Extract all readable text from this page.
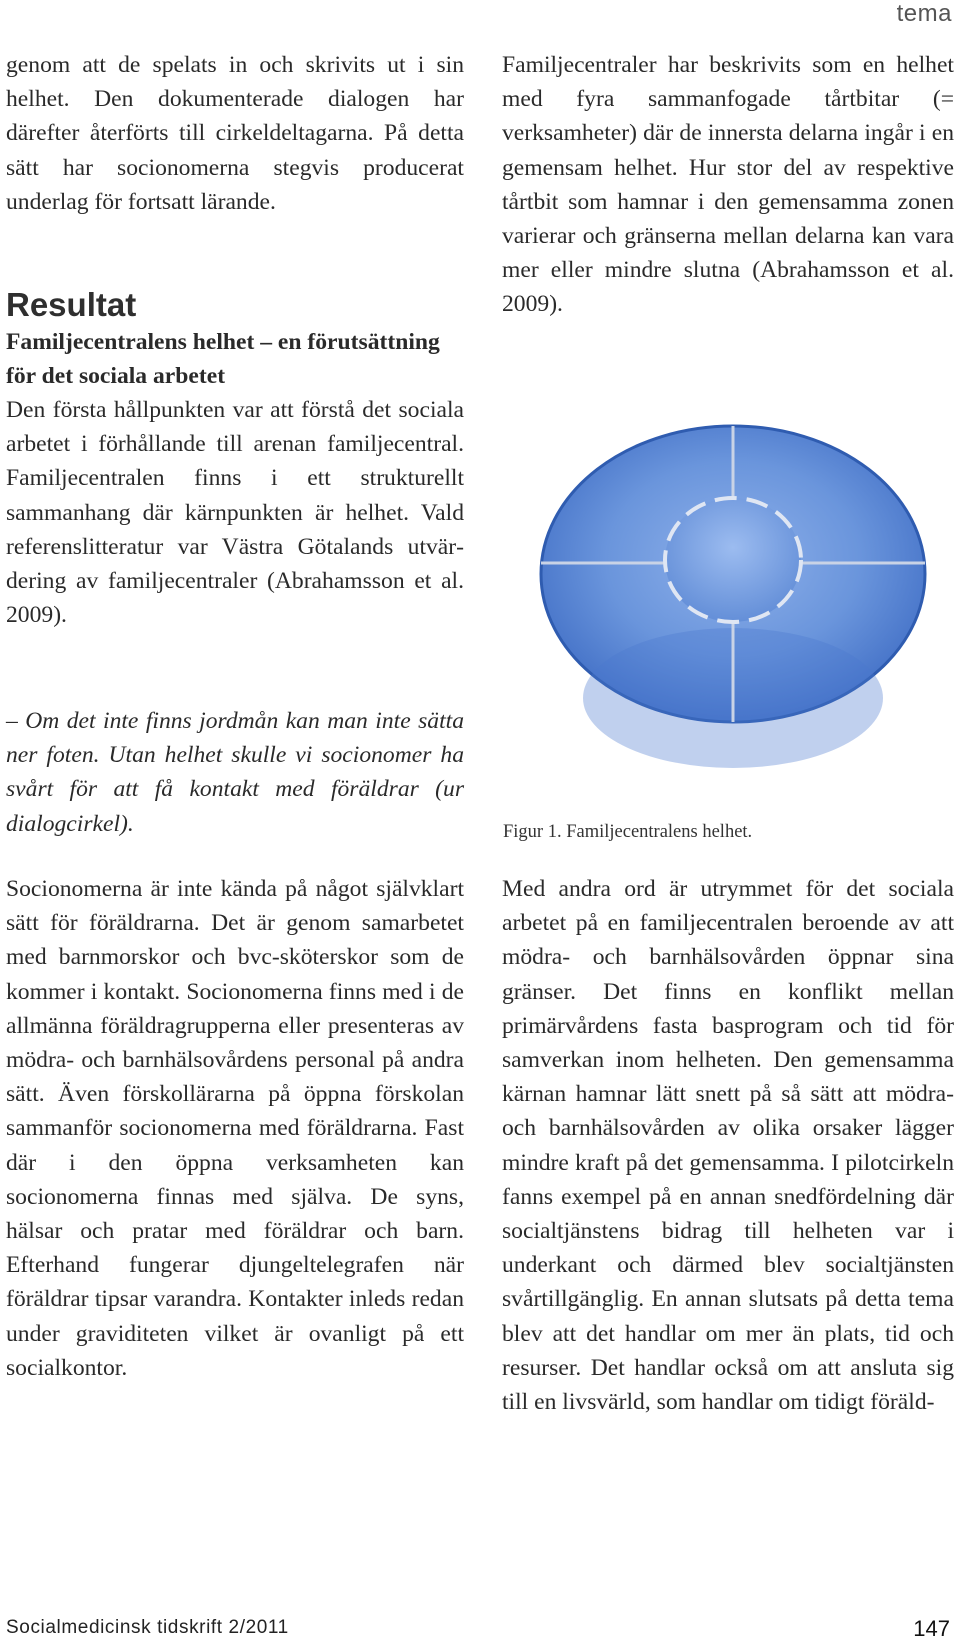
tema

genom att de spelats in och skrivits ut i sin helhet. Den dokumenterade dialogen har därefter återförts till cirkeldeltagarna. På detta sätt har socionomerna stegvis producerat underlag för fortsatt lärande.

Resultat
Familjecentralens helhet – en förutsättning för det sociala arbetet

Den första hållpunkten var att förstå det sociala arbetet i förhållande till arenan familjecentral. Familjecentralen finns i ett strukturellt sammanhang där kärnpunkten är helhet. Vald referenslitteratur var Västra Götalands utvärdering av familjecentraler (Abrahamsson et al. 2009).

– Om det inte finns jordmån kan man inte sätta ner foten. Utan helhet skulle vi socionomer ha svårt för att få kontakt med föräldrar (ur dialogcirkel).

Socionomerna är inte kända på något självklart sätt för föräldrarna. Det är genom samarbetet med barnmorskor och bvc-sköterskor som de kommer i kontakt. Socionomerna finns med i de allmänna föräldragrupperna eller presenteras av mödra- och barnhälsovårdens personal på andra sätt. Även förskollärarna på öppna förskolan sammanför socionomerna med föräldrarna. Fast där i den öppna verksamheten kan socionomerna finnas med själva. De syns, hälsar och pratar med föräldrar och barn. Efterhand fungerar djungeltelegrafen när föräldrar tipsar varandra. Kontakter inleds redan under graviditeten vilket är ovanligt på ett socialkontor.

Familjecentraler har beskrivits som en helhet med fyra sammanfogade tårtbitar (= verksamheter) där de innersta delarna ingår i en gemensam helhet. Hur stor del av respektive tårtbit som hamnar i den gemensamma zonen varierar och gränserna mellan delarna kan vara mer eller mindre slutna (Abrahamsson et al. 2009).

Figur 1. Familjecentralens helhet.

Med andra ord är utrymmet för det sociala arbetet på en familjecentralen beroende av att mödra- och barnhälsovården öppnar sina gränser. Det finns en konflikt mellan primärvårdens fasta basprogram och tid för samverkan inom helheten. Den gemensamma kärnan hamnar lätt snett på så sätt att mödra- och barnhälsovården av olika orsaker lägger mindre kraft på det gemensamma. I pilotcirkeln fanns exempel på en annan snedfördelning där socialtjänstens bidrag till helheten var i underkant och därmed blev socialtjänsten svårtillgänglig. En annan slutsats på detta tema blev att det handlar om mer än plats, tid och resurser. Det handlar också om att ansluta sig till en livsvärld, som handlar om tidigt föräld-

Socialmedicinsk tidskrift 2/2011	147
